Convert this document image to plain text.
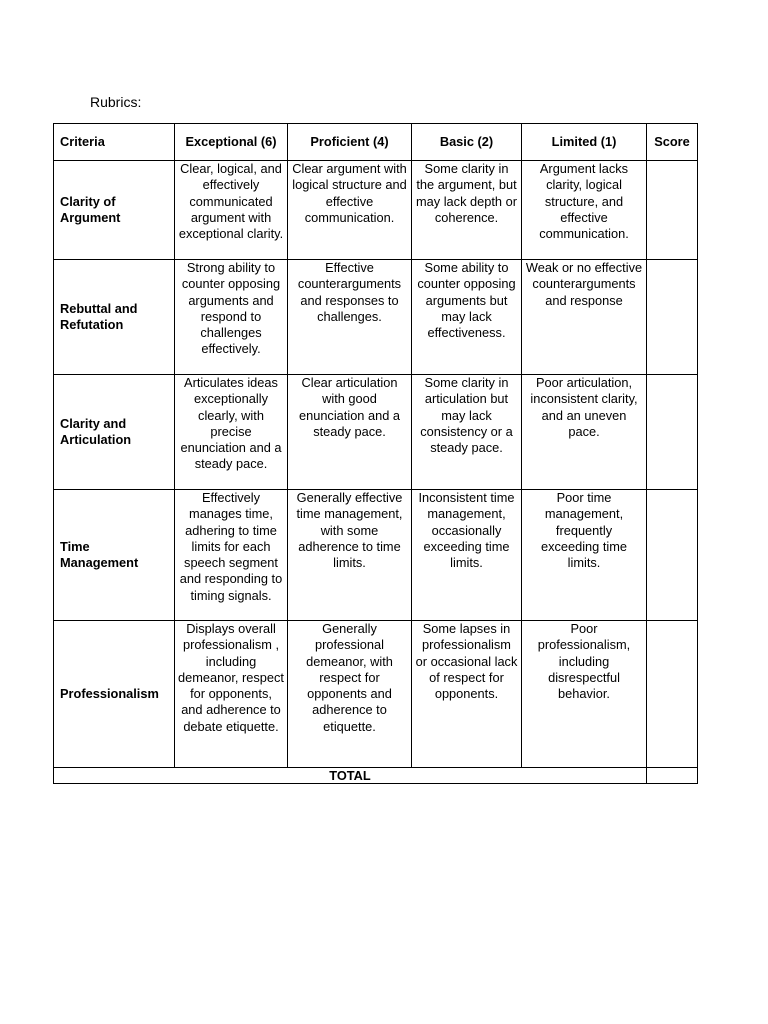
Rubrics:
Criteria	Exceptional (6)	Proficient (4)	Basic (2)	Limited (1)	Score
Clarity of Argument	Clear, logical, and effectively communicated argument with exceptional clarity.	Clear argument with logical structure and effective communication.	Some clarity in the argument, but may lack depth or coherence.	Argument lacks clarity, logical structure, and effective communication.	
Rebuttal and Refutation	Strong ability to counter opposing arguments and respond to challenges effectively.	Effective counterarguments and responses to challenges.	Some ability to counter opposing arguments but may lack effectiveness.	Weak or no effective counterarguments and response	
Clarity and Articulation	Articulates ideas exceptionally clearly, with precise enunciation and a steady pace.	Clear articulation with good enunciation and a steady pace.	Some clarity in articulation but may lack consistency or a steady pace.	Poor articulation, inconsistent clarity, and an uneven pace.	
Time Management	Effectively manages time, adhering to time limits for each speech segment and responding to timing signals.	Generally effective time management, with some adherence to time limits.	Inconsistent time management, occasionally exceeding time limits.	Poor time management, frequently exceeding time limits.	
Professionalism	Displays overall professionalism , including demeanor, respect for opponents, and adherence to debate etiquette.	Generally professional demeanor, with respect for opponents and adherence to etiquette.	Some lapses in professionalism or occasional lack of respect for opponents.	Poor professionalism, including disrespectful behavior.	
TOTAL					
